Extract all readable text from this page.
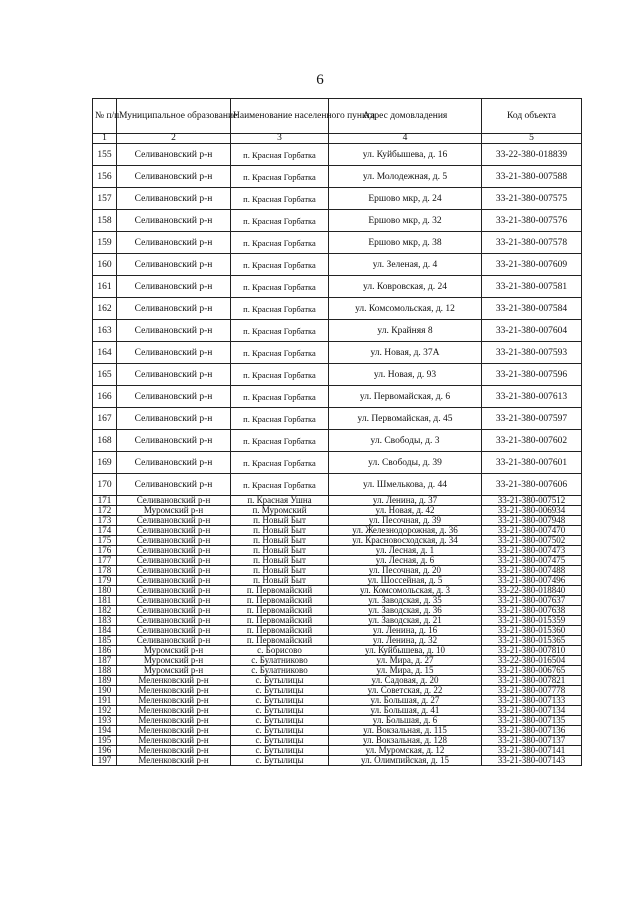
6
№ п/п	Муниципальное образование	Наименование населенного пункта	Адрес домовладения	Код объекта
1	2	3	4	5
155	Селивановский р-н	п. Красная Горбатка	ул. Куйбышева, д. 16	33-22-380-018839
156	Селивановский р-н	п. Красная Горбатка	ул. Молодежная, д. 5	33-21-380-007588
157	Селивановский р-н	п. Красная Горбатка	Ершово мкр, д. 24	33-21-380-007575
158	Селивановский р-н	п. Красная Горбатка	Ершово мкр, д. 32	33-21-380-007576
159	Селивановский р-н	п. Красная Горбатка	Ершово мкр, д. 38	33-21-380-007578
160	Селивановский р-н	п. Красная Горбатка	ул. Зеленая, д. 4	33-21-380-007609
161	Селивановский р-н	п. Красная Горбатка	ул. Ковровская, д. 24	33-21-380-007581
162	Селивановский р-н	п. Красная Горбатка	ул. Комсомольская, д. 12	33-21-380-007584
163	Селивановский р-н	п. Красная Горбатка	ул. Крайняя 8	33-21-380-007604
164	Селивановский р-н	п. Красная Горбатка	ул. Новая, д. 37А	33-21-380-007593
165	Селивановский р-н	п. Красная Горбатка	ул. Новая, д. 93	33-21-380-007596
166	Селивановский р-н	п. Красная Горбатка	ул. Первомайская, д. 6	33-21-380-007613
167	Селивановский р-н	п. Красная Горбатка	ул. Первомайская, д. 45	33-21-380-007597
168	Селивановский р-н	п. Красная Горбатка	ул. Свободы, д. 3	33-21-380-007602
169	Селивановский р-н	п. Красная Горбатка	ул. Свободы, д. 39	33-21-380-007601
170	Селивановский р-н	п. Красная Горбатка	ул. Шмелькова, д. 44	33-21-380-007606
171	Селивановский р-н	п. Красная Ушна	ул. Ленина, д. 37	33-21-380-007512
172	Муромский р-н	п. Муромский	ул. Новая, д. 42	33-21-380-006934
173	Селивановский р-н	п. Новый Быт	ул. Песочная, д. 39	33-21-380-007948
174	Селивановский р-н	п. Новый Быт	ул. Железнодорожная, д. 36	33-21-380-007470
175	Селивановский р-н	п. Новый Быт	ул. Красновосходская, д. 34	33-21-380-007502
176	Селивановский р-н	п. Новый Быт	ул. Лесная, д. 1	33-21-380-007473
177	Селивановский р-н	п. Новый Быт	ул. Лесная, д. 6	33-21-380-007475
178	Селивановский р-н	п. Новый Быт	ул. Песочная, д. 20	33-21-380-007488
179	Селивановский р-н	п. Новый Быт	ул. Шоссейная, д. 5	33-21-380-007496
180	Селивановский р-н	п. Первомайский	ул. Комсомольская, д. 3	33-22-380-018840
181	Селивановский р-н	п. Первомайский	ул. Заводская, д. 35	33-21-380-007637
182	Селивановский р-н	п. Первомайский	ул. Заводская, д. 36	33-21-380-007638
183	Селивановский р-н	п. Первомайский	ул. Заводская, д. 21	33-21-380-015359
184	Селивановский р-н	п. Первомайский	ул. Ленина, д. 16	33-21-380-015360
185	Селивановский р-н	п. Первомайский	ул. Ленина, д. 32	33-21-380-015365
186	Муромский р-н	с. Борисово	ул. Куйбышева, д. 10	33-21-380-007810
187	Муромский р-н	с. Булатниково	ул. Мира, д. 27	33-22-380-016504
188	Муромский р-н	с. Булатниково	ул. Мира, д. 15	33-21-380-006765
189	Меленковский р-н	с. Бутылицы	ул. Садовая, д. 20	33-21-380-007821
190	Меленковский р-н	с. Бутылицы	ул. Советская, д. 22	33-21-380-007778
191	Меленковский р-н	с. Бутылицы	ул. Большая, д. 27	33-21-380-007133
192	Меленковский р-н	с. Бутылицы	ул. Большая, д. 41	33-21-380-007134
193	Меленковский р-н	с. Бутылицы	ул. Большая, д. 6	33-21-380-007135
194	Меленковский р-н	с. Бутылицы	ул. Вокзальная, д. 115	33-21-380-007136
195	Меленковский р-н	с. Бутылицы	ул. Вокзальная, д. 128	33-21-380-007137
196	Меленковский р-н	с. Бутылицы	ул. Муромская, д. 12	33-21-380-007141
197	Меленковский р-н	с. Бутылицы	ул. Олимпийская, д. 15	33-21-380-007143
